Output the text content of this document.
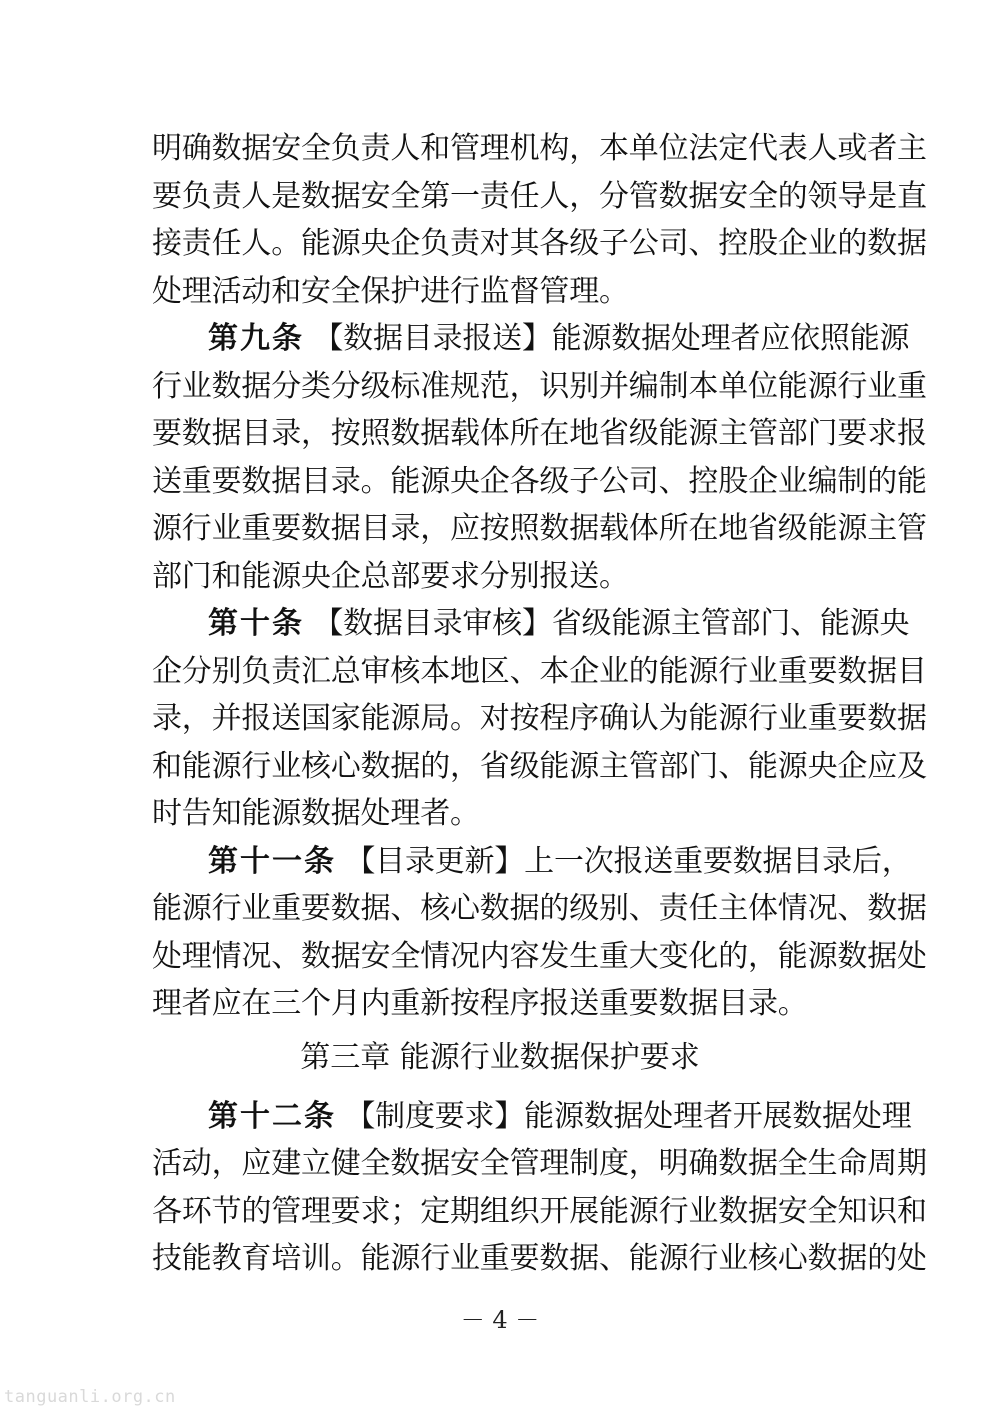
明确数据安全负责人和管理机构，本单位法定代表人或者主
要负责人是数据安全第一责任人，分管数据安全的领导是直
接责任人。能源央企负责对其各级子公司、控股企业的数据
处理活动和安全保护进行监督管理。
第九条 【数据目录报送】能源数据处理者应依照能源
行业数据分类分级标准规范，识别并编制本单位能源行业重
要数据目录，按照数据载体所在地省级能源主管部门要求报
送重要数据目录。能源央企各级子公司、控股企业编制的能
源行业重要数据目录，应按照数据载体所在地省级能源主管
部门和能源央企总部要求分别报送。
第十条 【数据目录审核】省级能源主管部门、能源央
企分别负责汇总审核本地区、本企业的能源行业重要数据目
录，并报送国家能源局。对按程序确认为能源行业重要数据
和能源行业核心数据的，省级能源主管部门、能源央企应及
时告知能源数据处理者。
第十一条 【目录更新】上一次报送重要数据目录后，
能源行业重要数据、核心数据的级别、责任主体情况、数据
处理情况、数据安全情况内容发生重大变化的，能源数据处
理者应在三个月内重新按程序报送重要数据目录。
第三章 能源行业数据保护要求
第十二条 【制度要求】能源数据处理者开展数据处理
活动，应建立健全数据安全管理制度，明确数据全生命周期
各环节的管理要求；定期组织开展能源行业数据安全知识和
技能教育培训。能源行业重要数据、能源行业核心数据的处
－ 4 －
tanguanli.org.cn
